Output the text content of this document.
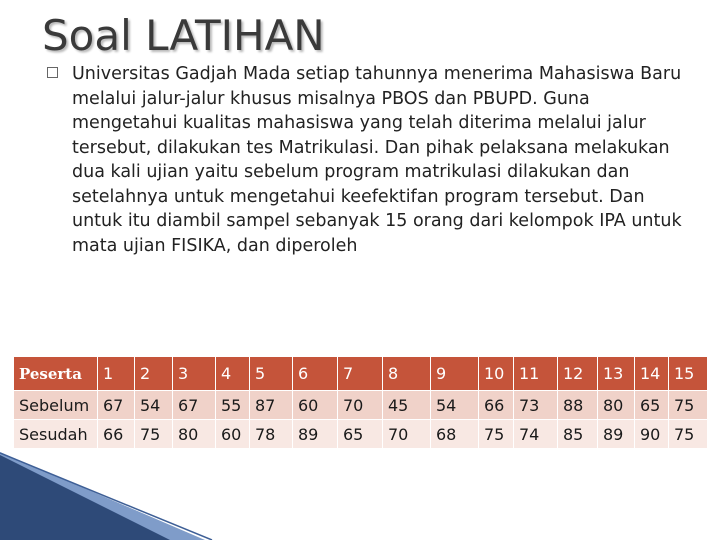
Soal LATIHAN
Universitas Gadjah Mada setiap tahunnya menerima Mahasiswa Baru melalui jalur-jalur khusus misalnya PBOS dan PBUPD. Guna mengetahui kualitas mahasiswa yang telah diterima melalui jalur tersebut, dilakukan tes Matrikulasi. Dan pihak pelaksana melakukan dua kali ujian yaitu sebelum program matrikulasi dilakukan dan setelahnya untuk mengetahui keefektifan program tersebut. Dan untuk itu diambil sampel sebanyak 15 orang dari kelompok IPA untuk mata ujian FISIKA, dan diperoleh
Peserta	1	2	3	4	5	6	7	8	9	10	11	12	13	14	15
Sebelum	67	54	67	55	87	60	70	45	54	66	73	88	80	65	75
Sesudah	66	75	80	60	78	89	65	70	68	75	74	85	89	90	75
